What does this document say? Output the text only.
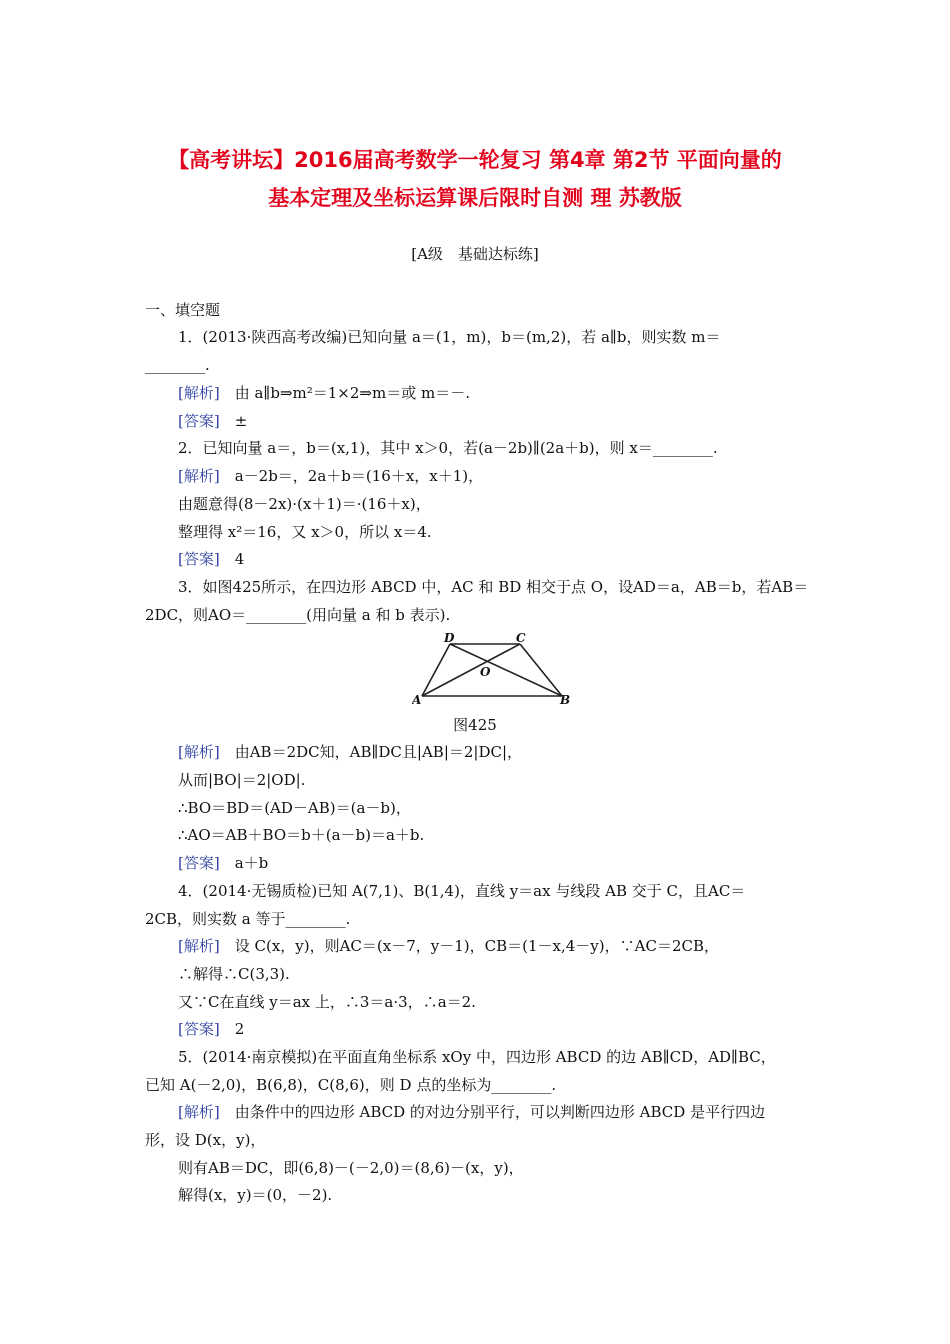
【高考讲坛】2016届高考数学一轮复习 第4章 第2节 平面向量的
基本定理及坐标运算课后限时自测 理 苏教版
[A级　基础达标练]
一、填空题
1．(2013·陕西高考改编)已知向量 a＝(1，m)，b＝(m,2)，若 a∥b，则实数 m＝
________.
[解析]　由 a∥b⇒m²＝1×2⇒m＝或 m＝－.
[答案]　±
2．已知向量 a＝，b＝(x,1)，其中 x＞0，若(a－2b)∥(2a＋b)，则 x＝________.
[解析]　a－2b＝，2a＋b＝(16＋x，x＋1)，
由题意得(8－2x)·(x＋1)＝·(16＋x)，
整理得 x²＝16，又 x＞0，所以 x＝4.
[答案]　4
3．如图425所示，在四边形 ABCD 中，AC 和 BD 相交于点 O，设AD＝a，AB＝b，若AB＝
2DC，则AO＝________(用向量 a 和 b 表示).
A	B
C
D
O
图425
[解析]　由AB＝2DC知，AB∥DC且|AB|＝2|DC|，
从而|BO|＝2|OD|.
∴BO＝BD＝(AD－AB)＝(a－b)，
∴AO＝AB＋BO＝b＋(a－b)＝a＋b.
[答案]　a＋b
4．(2014·无锡质检)已知 A(7,1)、B(1,4)，直线 y＝ax 与线段 AB 交于 C，且AC＝
2CB，则实数 a 等于________.
[解析]　设 C(x，y)，则AC＝(x－7，y－1)，CB＝(1－x,4－y)，∵AC＝2CB，
∴解得∴C(3,3).
又∵C在直线 y＝ax 上，∴3＝a·3，∴a＝2.
[答案]　2
5．(2014·南京模拟)在平面直角坐标系 xOy 中，四边形 ABCD 的边 AB∥CD，AD∥BC，
已知 A(－2,0)，B(6,8)，C(8,6)，则 D 点的坐标为________.
[解析]　由条件中的四边形 ABCD 的对边分别平行，可以判断四边形 ABCD 是平行四边
形，设 D(x，y)，
则有AB＝DC，即(6,8)－(－2,0)＝(8,6)－(x，y)，
解得(x，y)＝(0，－2).
